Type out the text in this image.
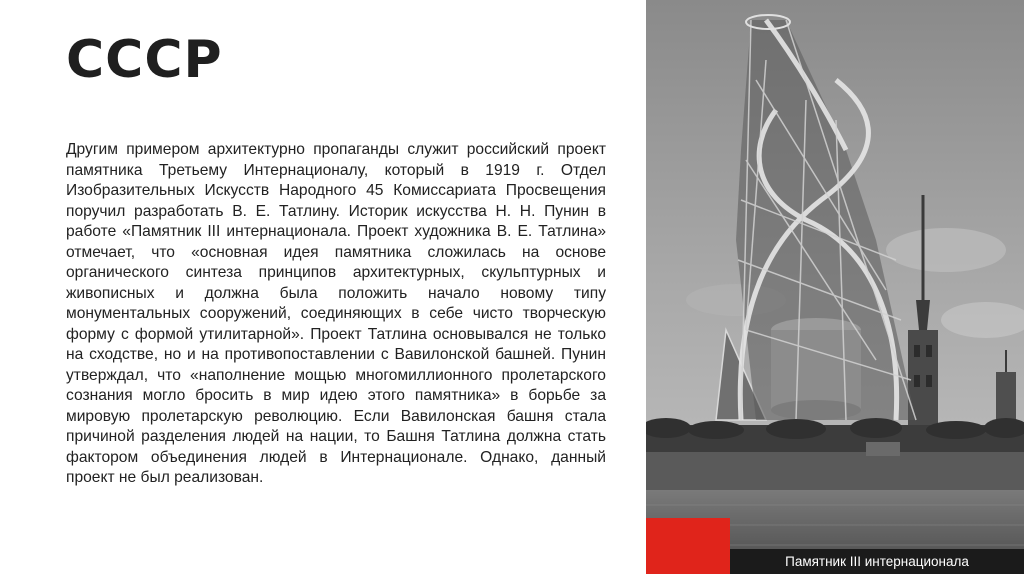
СССР

Другим примером архитектурно пропаганды служит российский проект памятника Третьему Интернационалу, который в 1919 г. Отдел Изобразительных Искусств Народного 45 Комиссариата Просвещения поручил разработать В. Е. Татлину. Историк искусства Н. Н. Пунин в работе «Памятник III интернационала. Проект художника В. Е. Татлина» отмечает, что «основная идея памятника сложилась на основе органического синтеза принципов архитектурных, скульптурных и живописных и должна была положить начало новому типу монументальных сооружений, соединяющих в себе чисто творческую форму с формой утилитарной». Проект Татлина основывался не только на сходстве, но и на противопоставлении с Вавилонской башней. Пунин утверждал, что «наполнение мощью многомиллионного пролетарского сознания могло бросить в мир идею этого памятника» в борьбе за мировую пролетарскую революцию. Если Вавилонская башня стала причиной разделения людей на нации, то Башня Татлина должна стать фактором объединения людей в Интернационале. Однако, данный проект не был реализован.

Памятник III интернационала
